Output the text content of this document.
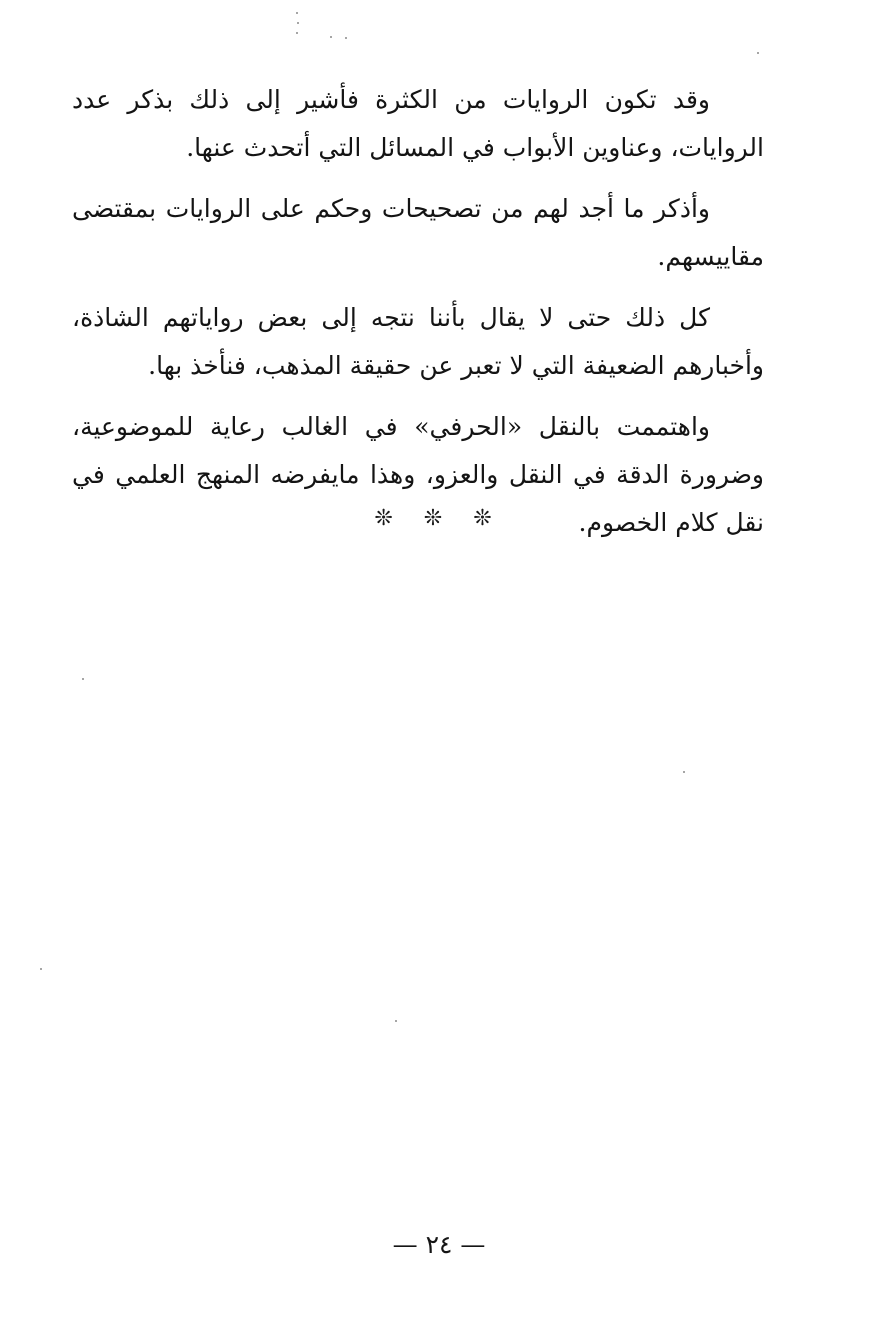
وقد تكون الروايات من الكثرة فأشير إلى ذلك بذكر عدد الروايات، وعناوين الأبواب في المسائل التي أتحدث عنها.

وأذكر ما أجد لهم من تصحيحات وحكم على الروايات بمقتضى مقاييسهم.

كل ذلك حتى لا يقال بأننا نتجه إلى بعض رواياتهم الشاذة، وأخبارهم الضعيفة التي لا تعبر عن حقيقة المذهب، فنأخذ بها.

واهتممت بالنقل «الحرفي» في الغالب رعاية للموضوعية، وضرورة الدقة في النقل والعزو، وهذا مايفرضه المنهج العلمي في نقل كلام الخصوم.

❊ ❊ ❊
— ٢٤ —
